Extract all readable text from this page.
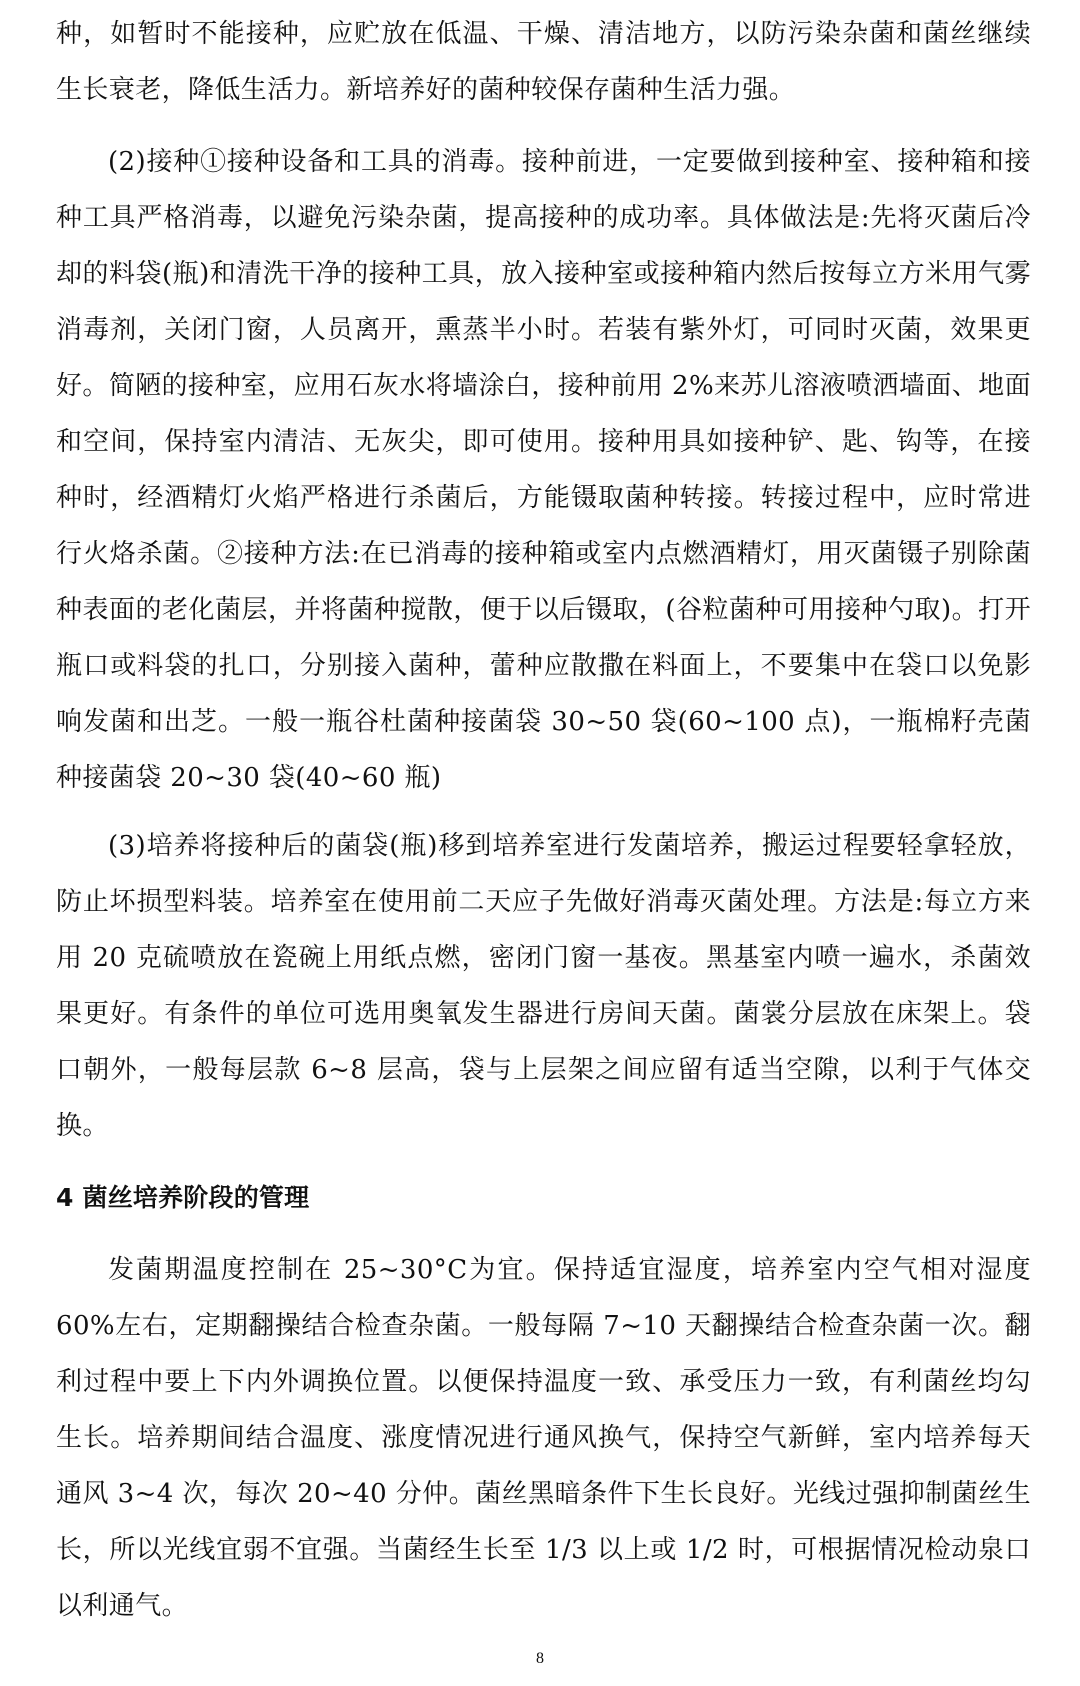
种，如暂时不能接种，应贮放在低温、干燥、清洁地方，以防污染杂菌和菌丝继续生长衰老，降低生活力。新培养好的菌种较保存菌种生活力强。

(2)接种①接种设备和工具的消毒。接种前进，一定要做到接种室、接种箱和接种工具严格消毒，以避免污染杂菌，提高接种的成功率。具体做法是:先将灭菌后冷却的料袋(瓶)和清洗干净的接种工具，放入接种室或接种箱内然后按每立方米用气雾消毒剂，关闭门窗，人员离开，熏蒸半小时。若装有紫外灯，可同时灭菌，效果更好。简陋的接种室，应用石灰水将墙涂白，接种前用 2%来苏儿溶液喷洒墙面、地面和空间，保持室内清洁、无灰尖，即可使用。接种用具如接种铲、匙、钩等，在接种时，经酒精灯火焰严格进行杀菌后，方能镊取菌种转接。转接过程中，应时常进行火烙杀菌。②接种方法:在已消毒的接种箱或室内点燃酒精灯，用灭菌镊子别除菌种表面的老化菌层，并将菌种搅散，便于以后镊取，(谷粒菌种可用接种勺取)。打开瓶口或料袋的扎口，分别接入菌种，蕾种应散撒在料面上，不要集中在袋口以免影响发菌和出芝。一般一瓶谷杜菌种接菌袋 30~50 袋(60~100 点)，一瓶棉籽壳菌种接菌袋 20~30 袋(40~60 瓶)

(3)培养将接种后的菌袋(瓶)移到培养室进行发菌培养，搬运过程要轻拿轻放，防止坏损型料装。培养室在使用前二天应子先做好消毒灭菌处理。方法是:每立方来用 20 克硫喷放在瓷碗上用纸点燃，密闭门窗一基夜。黑基室内喷一遍水，杀菌效果更好。有条件的单位可选用奥氧发生器进行房间天菌。菌裳分层放在床架上。袋口朝外，一般每层款 6~8 层高，袋与上层架之间应留有适当空隙，以利于气体交换。

4 菌丝培养阶段的管理

发菌期温度控制在 25~30°C为宜。保持适宜湿度，培养室内空气相对湿度 60%左右，定期翻操结合检查杂菌。一般每隔 7~10 天翻操结合检查杂菌一次。翻利过程中要上下内外调换位置。以便保持温度一致、承受压力一致，有利菌丝均勾生长。培养期间结合温度、涨度情况进行通风换气，保持空气新鲜，室内培养每天通风 3~4 次，每次 20~40 分仲。菌丝黑暗条件下生长良好。光线过强抑制菌丝生长，所以光线宜弱不宜强。当菌经生长至 1/3 以上或 1/2 时，可根据情况检动泉口以利通气。

8
